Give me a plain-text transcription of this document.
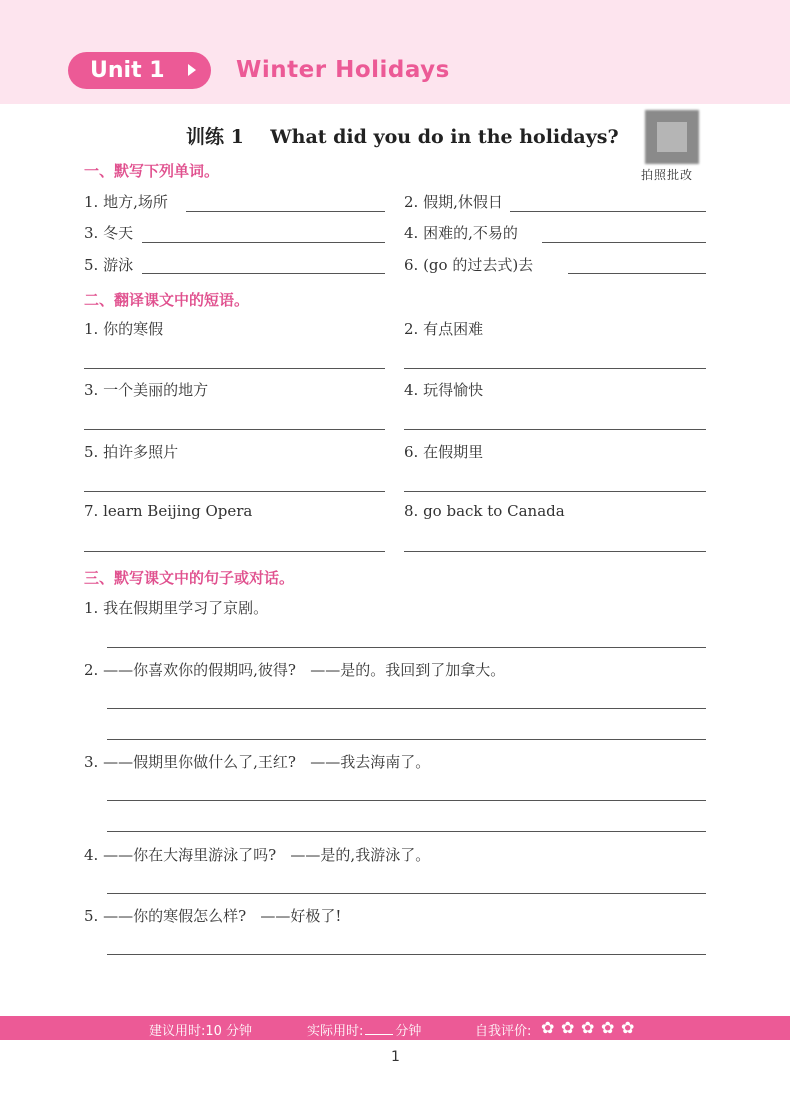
Unit 1	Winter Holidays
训练 1    What did you do in the holidays?
拍照批改
一、默写下列单词。
1. 地方,场所	2. 假期,休假日
3. 冬天	4. 困难的,不易的
5. 游泳	6. (go 的过去式)去
二、翻译课文中的短语。
1. 你的寒假	2. 有点困难
3. 一个美丽的地方	4. 玩得愉快
5. 拍许多照片	6. 在假期里
7. learn Beijing Opera	8. go back to Canada
三、默写课文中的句子或对话。
1. 我在假期里学习了京剧。
2. ——你喜欢你的假期吗,彼得?   ——是的。我回到了加拿大。
3. ——假期里你做什么了,王红?   ——我去海南了。
4. ——你在大海里游泳了吗?   ——是的,我游泳了。
5. ——你的寒假怎么样?   ——好极了!
建议用时:10 分钟	实际用时: 分钟	自我评价: ✿ ✿ ✿ ✿ ✿
1
